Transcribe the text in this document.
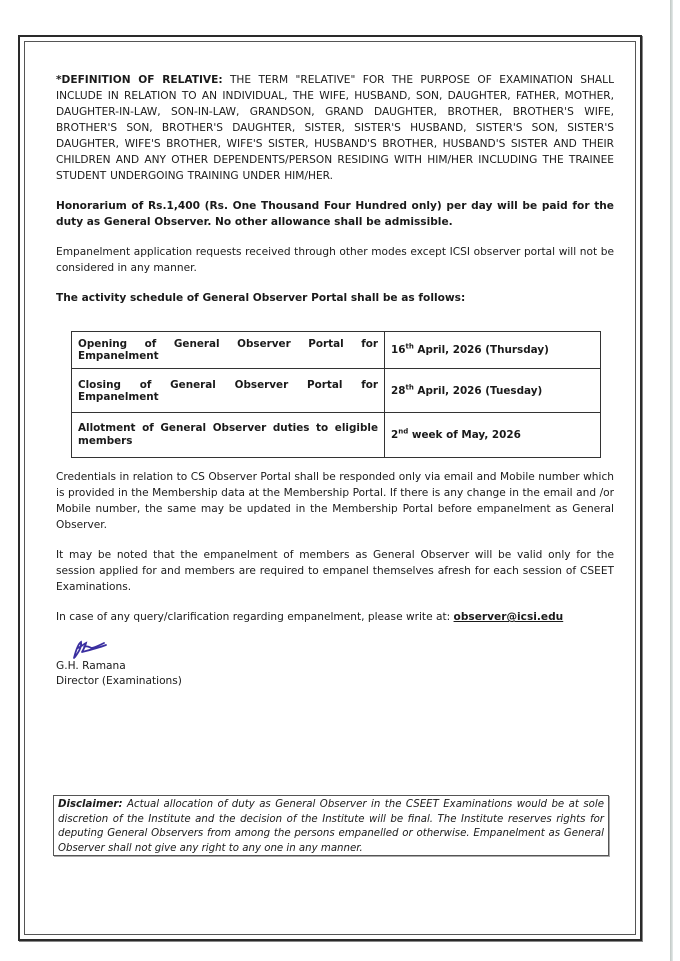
*DEFINITION OF RELATIVE: THE TERM "RELATIVE" FOR THE PURPOSE OF EXAMINATION SHALL INCLUDE IN RELATION TO AN INDIVIDUAL, THE WIFE, HUSBAND, SON, DAUGHTER, FATHER, MOTHER, DAUGHTER-IN-LAW, SON-IN-LAW, GRANDSON, GRAND DAUGHTER, BROTHER, BROTHER'S WIFE, BROTHER'S SON, BROTHER'S DAUGHTER, SISTER, SISTER'S HUSBAND, SISTER'S SON, SISTER'S DAUGHTER, WIFE'S BROTHER, WIFE'S SISTER, HUSBAND'S BROTHER, HUSBAND'S SISTER AND THEIR CHILDREN AND ANY OTHER DEPENDENTS/PERSON RESIDING WITH HIM/HER INCLUDING THE TRAINEE STUDENT UNDERGOING TRAINING UNDER HIM/HER.

Honorarium of Rs.1,400 (Rs. One Thousand Four Hundred only) per day will be paid for the duty as General Observer. No other allowance shall be admissible.

Empanelment application requests received through other modes except ICSI observer portal will not be considered in any manner.

The activity schedule of General Observer Portal shall be as follows:

Opening of General Observer Portal for Empanelment	16th April, 2026 (Thursday)
Closing of General Observer Portal for Empanelment	28th April, 2026 (Tuesday)
Allotment of General Observer duties to eligible members	2nd week of May, 2026

Credentials in relation to CS Observer Portal shall be responded only via email and Mobile number which is provided in the Membership data at the Membership Portal. If there is any change in the email and /or Mobile number, the same may be updated in the Membership Portal before empanelment as General Observer.

It may be noted that the empanelment of members as General Observer will be valid only for the session applied for and members are required to empanel themselves afresh for each session of CSEET Examinations.

In case of any query/clarification regarding empanelment, please write at: observer@icsi.edu

G.H. Ramana
Director (Examinations)
Disclaimer: Actual allocation of duty as General Observer in the CSEET Examinations would be at sole discretion of the Institute and the decision of the Institute will be final. The Institute reserves rights for deputing General Observers from among the persons empanelled or otherwise. Empanelment as General Observer shall not give any right to any one in any manner.
